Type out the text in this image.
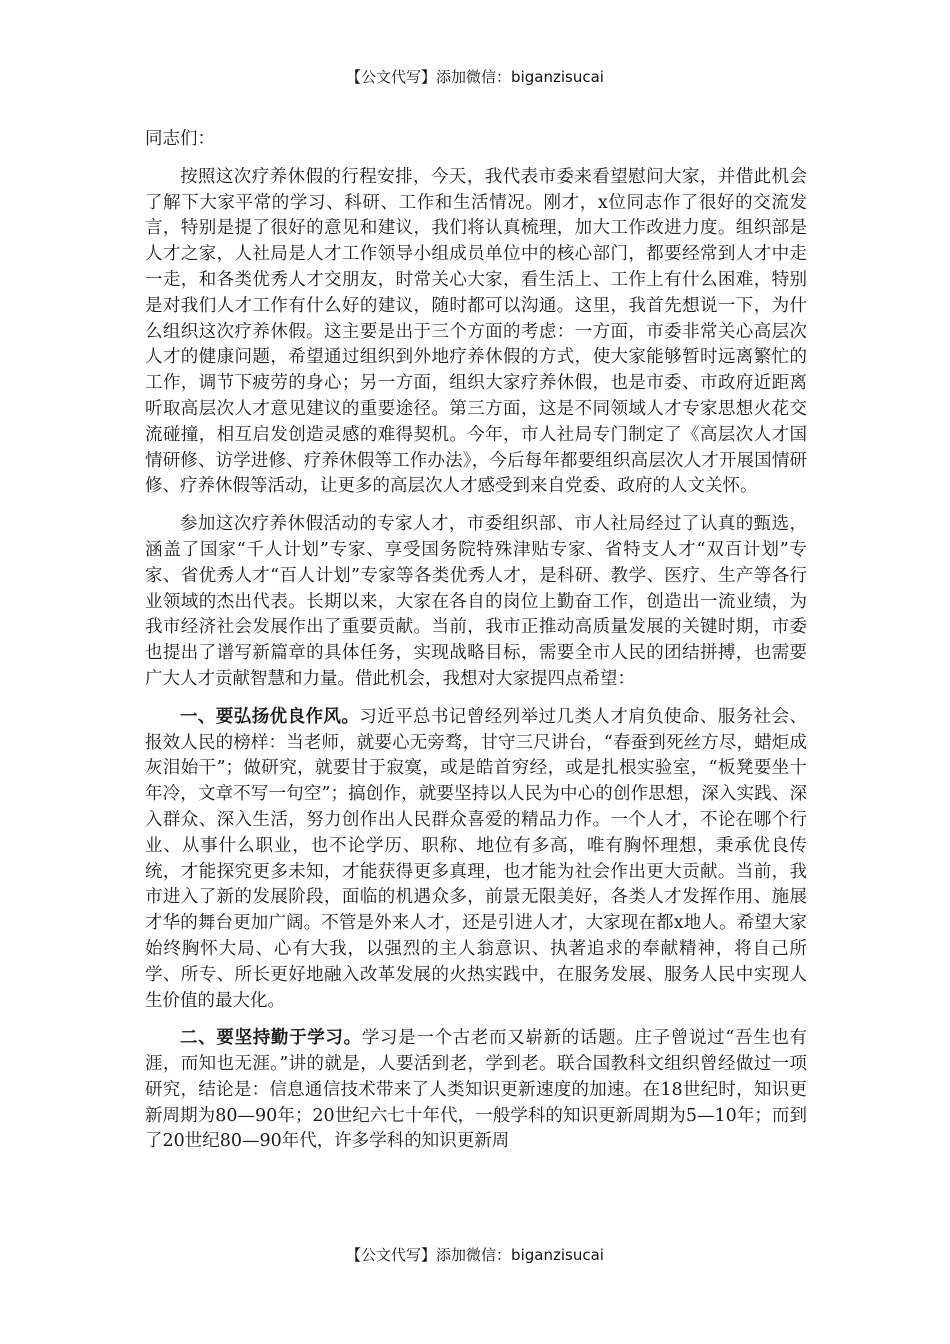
【公文代写】添加微信：biganzisucai

同志们：

按照这次疗养休假的行程安排，今天，我代表市委来看望慰问大家，并借此机会了解下大家平常的学习、科研、工作和生活情况。刚才，x位同志作了很好的交流发言，特别是提了很好的意见和建议，我们将认真梳理，加大工作改进力度。组织部是人才之家，人社局是人才工作领导小组成员单位中的核心部门，都要经常到人才中走一走，和各类优秀人才交朋友，时常关心大家，看生活上、工作上有什么困难，特别是对我们人才工作有什么好的建议，随时都可以沟通。这里，我首先想说一下，为什么组织这次疗养休假。这主要是出于三个方面的考虑：一方面，市委非常关心高层次人才的健康问题，希望通过组织到外地疗养休假的方式，使大家能够暂时远离繁忙的工作，调节下疲劳的身心；另一方面，组织大家疗养休假，也是市委、市政府近距离听取高层次人才意见建议的重要途径。第三方面，这是不同领域人才专家思想火花交流碰撞，相互启发创造灵感的难得契机。今年，市人社局专门制定了《高层次人才国情研修、访学进修、疗养休假等工作办法》，今后每年都要组织高层次人才开展国情研修、疗养休假等活动，让更多的高层次人才感受到来自党委、政府的人文关怀。

参加这次疗养休假活动的专家人才，市委组织部、市人社局经过了认真的甄选，涵盖了国家“千人计划”专家、享受国务院特殊津贴专家、省特支人才“双百计划”专家、省优秀人才“百人计划”专家等各类优秀人才，是科研、教学、医疗、生产等各行业领域的杰出代表。长期以来，大家在各自的岗位上勤奋工作，创造出一流业绩，为我市经济社会发展作出了重要贡献。当前，我市正推动高质量发展的关键时期，市委也提出了谱写新篇章的具体任务，实现战略目标，需要全市人民的团结拼搏，也需要广大人才贡献智慧和力量。借此机会，我想对大家提四点希望：

一、要弘扬优良作风。习近平总书记曾经列举过几类人才肩负使命、服务社会、报效人民的榜样：当老师，就要心无旁骛，甘守三尺讲台，“春蚕到死丝方尽，蜡炬成灰泪始干”；做研究，就要甘于寂寞，或是皓首穷经，或是扎根实验室，“板凳要坐十年冷，文章不写一句空”；搞创作，就要坚持以人民为中心的创作思想，深入实践、深入群众、深入生活，努力创作出人民群众喜爱的精品力作。一个人才，不论在哪个行业、从事什么职业，也不论学历、职称、地位有多高，唯有胸怀理想，秉承优良传统，才能探究更多未知，才能获得更多真理，也才能为社会作出更大贡献。当前，我市进入了新的发展阶段，面临的机遇众多，前景无限美好，各类人才发挥作用、施展才华的舞台更加广阔。不管是外来人才，还是引进人才，大家现在都x地人。希望大家始终胸怀大局、心有大我，以强烈的主人翁意识、执著追求的奉献精神，将自己所学、所专、所长更好地融入改革发展的火热实践中，在服务发展、服务人民中实现人生价值的最大化。

二、要坚持勤于学习。学习是一个古老而又崭新的话题。庄子曾说过“吾生也有涯，而知也无涯。”讲的就是，人要活到老，学到老。联合国教科文组织曾经做过一项研究，结论是：信息通信技术带来了人类知识更新速度的加速。在18世纪时，知识更新周期为80—90年；20世纪六七十年代，一般学科的知识更新周期为5—10年；而到了20世纪80—90年代，许多学科的知识更新周

【公文代写】添加微信：biganzisucai
